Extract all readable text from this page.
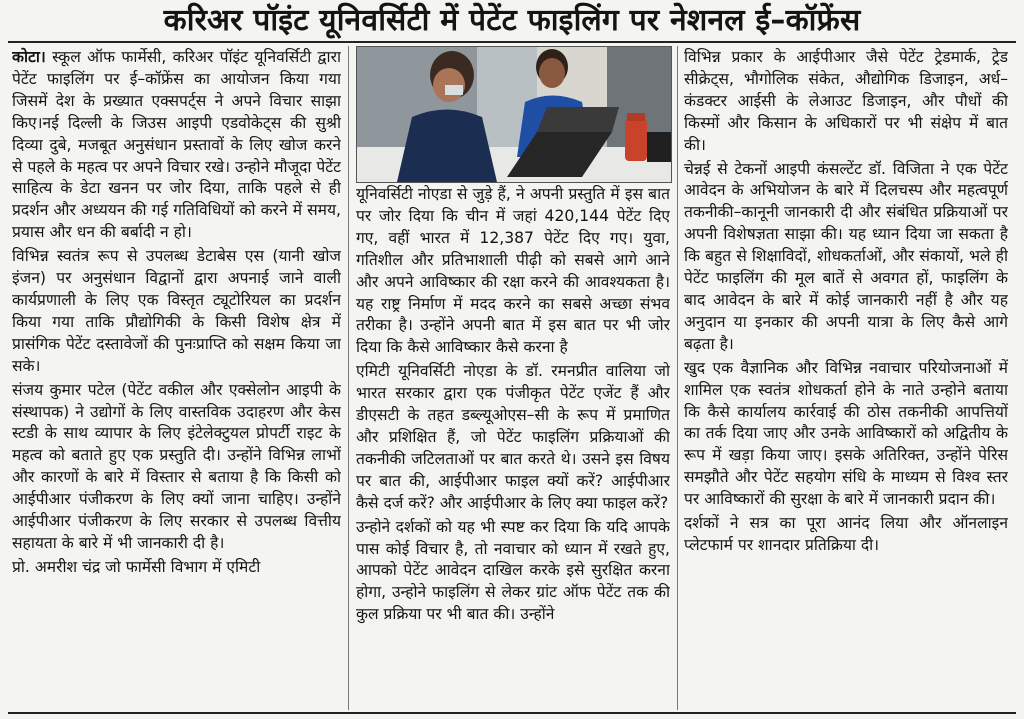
करिअर पॉइंट यूनिवर्सिटी में पेटेंट फाइलिंग पर नेशनल ई–कॉफ्रेंस

कोटा। स्कूल ऑफ फार्मेसी, करिअर पॉइंट यूनिवर्सिटी द्वारा पेटेंट फाइलिंग पर ई–कॉफ्रेंस का आयोजन किया गया जिसमें देश के प्रख्यात एक्सपर्ट्स ने अपने विचार साझा किए।नई दिल्ली के जिउस आइपी एडवोकेट्स की सुश्री दिव्या दुबे, मजबूत अनुसंधान प्रस्तावों के लिए खोज करने से पहले के महत्व पर अपने विचार रखे। उन्होने मौजूदा पेटेंट साहित्य के डेटा खनन पर जोर दिया, ताकि पहले से ही प्रदर्शन और अध्ययन की गई गतिविधियों को करने में समय, प्रयास और धन की बर्बादी न हो।

विभिन्न स्वतंत्र रूप से उपलब्ध डेटाबेस एस (यानी खोज इंजन) पर अनुसंधान विद्वानों द्वारा अपनाई जाने वाली कार्यप्रणाली के लिए एक विस्तृत ट्यूटोरियल का प्रदर्शन किया गया ताकि प्रौद्योगिकी के किसी विशेष क्षेत्र में प्रासंगिक पेटेंट दस्तावेजों की पुनःप्राप्ति को सक्षम किया जा सके।

संजय कुमार पटेल (पेटेंट वकील और एक्सेलोन आइपी के संस्थापक) ने उद्योगों के लिए वास्तविक उदाहरण और केस स्टडी के साथ व्यापार के लिए इंटेलेक्टुयल प्रोपर्टी राइट के महत्व को बताते हुए एक प्रस्तुति दी। उन्होंने विभिन्न लाभों और कारणों के बारे में विस्तार से बताया है कि किसी को आईपीआर पंजीकरण के लिए क्यों जाना चाहिए। उन्होंने आईपीआर पंजीकरण के लिए सरकार से उपलब्ध वित्तीय सहायता के बारे में भी जानकारी दी है।

प्रो. अमरीश चंद्र जो फार्मेसी विभाग में एमिटी

यूनिवर्सिटी नोएडा से जुड़े हैं, ने अपनी प्रस्तुति में इस बात पर जोर दिया कि चीन में जहां 420,144 पेटेंट दिए गए, वहीं भारत में 12,387 पेटेंट दिए गए। युवा, गतिशील और प्रतिभाशाली पीढ़ी को सबसे आगे आने और अपने आविष्कार की रक्षा करने की आवश्यकता है। यह राष्ट्र निर्माण में मदद करने का सबसे अच्छा संभव तरीका है। उन्होंने अपनी बात में इस बात पर भी जोर दिया कि कैसे आविष्कार कैसे करना है

एमिटी यूनिवर्सिटी नोएडा के डॉ. रमनप्रीत वालिया जो भारत सरकार द्वारा एक पंजीकृत पेटेंट एजेंट हैं और डीएसटी के तहत डब्ल्यूओएस–सी के रूप में प्रमाणित और प्रशिक्षित हैं, जो पेटेंट फाइलिंग प्रक्रियाओं की तकनीकी जटिलताओं पर बात करते थे। उसने इस विषय पर बात की, आईपीआर फाइल क्यों करें? आईपीआर कैसे दर्ज करें? और आईपीआर के लिए क्या फाइल करें?

उन्होने दर्शकों को यह भी स्पष्ट कर दिया कि यदि आपके पास कोई विचार है, तो नवाचार को ध्यान में रखते हुए, आपको पेटेंट आवेदन दाखिल करके इसे सुरक्षित करना होगा, उन्होने फाइलिंग से लेकर ग्रांट ऑफ पेटेंट तक की कुल प्रक्रिया पर भी बात की। उन्होंने

विभिन्न प्रकार के आईपीआर जैसे पेटेंट ट्रेडमार्क, ट्रेड सीक्रेट्स, भौगोलिक संकेत, औद्योगिक डिजाइन, अर्ध–कंडक्टर आईसी के लेआउट डिजाइन, और पौधों की किस्मों और किसान के अधिकारों पर भी संक्षेप में बात की।

चेन्नई से टेकनों आइपी कंसल्टेंट डॉ. विजिता ने एक पेटेंट आवेदन के अभियोजन के बारे में दिलचस्प और महत्वपूर्ण तकनीकी–कानूनी जानकारी दी और संबंधित प्रक्रियाओं पर अपनी विशेषज्ञता साझा की। यह ध्यान दिया जा सकता है कि बहुत से शिक्षाविदों, शोधकर्ताओं, और संकायों, भले ही पेटेंट फाइलिंग की मूल बातें से अवगत हों, फाइलिंग के बाद आवेदन के बारे में कोई जानकारी नहीं है और यह अनुदान या इनकार की अपनी यात्रा के लिए कैसे आगे बढ़ता है।

खुद एक वैज्ञानिक और विभिन्न नवाचार परियोजनाओं में शामिल एक स्वतंत्र शोधकर्ता होने के नाते उन्होने बताया कि कैसे कार्यालय कार्रवाई की ठोस तकनीकी आपत्तियों का तर्क दिया जाए और उनके आविष्कारों को अद्वितीय के रूप में खड़ा किया जाए। इसके अतिरिक्त, उन्होंने पेरिस समझौते और पेटेंट सहयोग संधि के माध्यम से विश्व स्तर पर आविष्कारों की सुरक्षा के बारे में जानकारी प्रदान की।

दर्शकों ने सत्र का पूरा आनंद लिया और ऑनलाइन प्लेटफार्म पर शानदार प्रतिक्रिया दी।
